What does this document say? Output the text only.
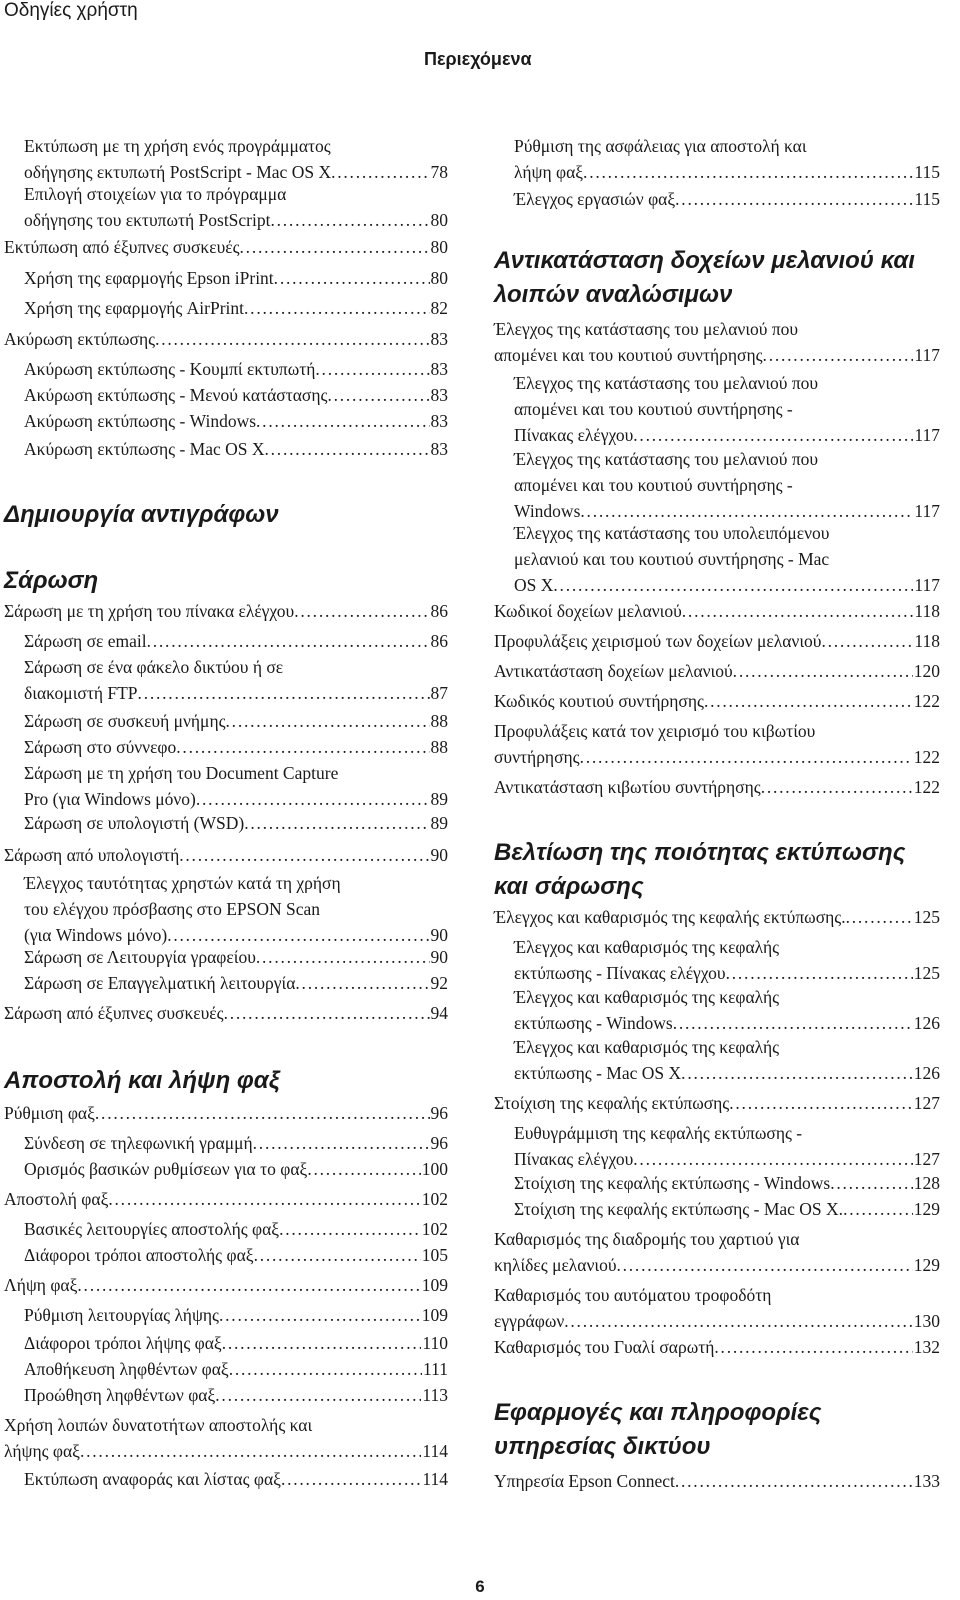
Οδηγίες χρήστη
Περιεχόμενα
Εκτύπωση με τη χρήση ενός προγράμματος
οδήγησης εκτυπωτή PostScript - Mac OS X . . .	78
Επιλογή στοιχείων για το πρόγραμμα
οδήγησης του εκτυπωτή PostScript . . .	80
Εκτύπωση από έξυπνες συσκευές . . .	80
Χρήση της εφαρμογής Epson iPrint . . .	80
Χρήση της εφαρμογής AirPrint . . .	82
Ακύρωση εκτύπωσης . . .	83
Ακύρωση εκτύπωσης - Κουμπί εκτυπωτή . . .	83
Ακύρωση εκτύπωσης - Μενού κατάστασης . . .	83
Ακύρωση εκτύπωσης - Windows . . .	83
Ακύρωση εκτύπωσης - Mac OS X . . .	83
Δημιουργία αντιγράφων
Σάρωση
Σάρωση με τη χρήση του πίνακα ελέγχου . . .	86
Σάρωση σε email . . .	86
Σάρωση σε ένα φάκελο δικτύου ή σε
διακομιστή FTP . . .	87
Σάρωση σε συσκευή μνήμης . . .	88
Σάρωση στο σύννεφο . . .	88
Σάρωση με τη χρήση του Document Capture
Pro (για Windows μόνο) . . .	89
Σάρωση σε υπολογιστή (WSD) . . .	89
Σάρωση από υπολογιστή . . .	90
Έλεγχος ταυτότητας χρηστών κατά τη χρήση
του ελέγχου πρόσβασης στο EPSON Scan
(για Windows μόνο) . . .	90
Σάρωση σε Λειτουργία γραφείου . . .	90
Σάρωση σε Επαγγελματική λειτουργία . . .	92
Σάρωση από έξυπνες συσκευές . . .	94
Αποστολή και λήψη φαξ
Ρύθμιση φαξ . . .	96
Σύνδεση σε τηλεφωνική γραμμή . . .	96
Ορισμός βασικών ρυθμίσεων για το φαξ . . .	100
Αποστολή φαξ . . .	102
Βασικές λειτουργίες αποστολής φαξ . . .	102
Διάφοροι τρόποι αποστολής φαξ . . .	105
Λήψη φαξ . . .	109
Ρύθμιση λειτουργίας λήψης . . .	109
Διάφοροι τρόποι λήψης φαξ . . .	110
Αποθήκευση ληφθέντων φαξ . . .	111
Προώθηση ληφθέντων φαξ . . .	113
Χρήση λοιπών δυνατοτήτων αποστολής και
λήψης φαξ . . .	114
Εκτύπωση αναφοράς και λίστας φαξ . . .	114
Ρύθμιση της ασφάλειας για αποστολή και
λήψη φαξ . . .	115
Έλεγχος εργασιών φαξ . . .	115
Αντικατάσταση δοχείων μελανιού και
λοιπών αναλώσιμων
Έλεγχος της κατάστασης του μελανιού που
απομένει και του κουτιού συντήρησης . . .	117
Έλεγχος της κατάστασης του μελανιού που
απομένει και του κουτιού συντήρησης -
Πίνακας ελέγχου . . .	117
Έλεγχος της κατάστασης του μελανιού που
απομένει και του κουτιού συντήρησης -
Windows . . .	117
Έλεγχος της κατάστασης του υπολειπόμενου
μελανιού και του κουτιού συντήρησης - Mac
OS X . . .	117
Κωδικοί δοχείων μελανιού . . .	118
Προφυλάξεις χειρισμού των δοχείων μελανιού . . .	118
Αντικατάσταση δοχείων μελανιού . . .	120
Κωδικός κουτιού συντήρησης . . .	122
Προφυλάξεις κατά τον χειρισμό του κιβωτίου
συντήρησης . . .	122
Αντικατάσταση κιβωτίου συντήρησης . . .	122
Βελτίωση της ποιότητας εκτύπωσης
και σάρωσης
Έλεγχος και καθαρισμός της κεφαλής εκτύπωσης. . . .	125
Έλεγχος και καθαρισμός της κεφαλής
εκτύπωσης - Πίνακας ελέγχου . . .	125
Έλεγχος και καθαρισμός της κεφαλής
εκτύπωσης - Windows . . .	126
Έλεγχος και καθαρισμός της κεφαλής
εκτύπωσης - Mac OS X . . .	126
Στοίχιση της κεφαλής εκτύπωσης . . .	127
Ευθυγράμμιση της κεφαλής εκτύπωσης -
Πίνακας ελέγχου . . .	127
Στοίχιση της κεφαλής εκτύπωσης - Windows . . .	128
Στοίχιση της κεφαλής εκτύπωσης - Mac OS X. . . .	129
Καθαρισμός της διαδρομής του χαρτιού για
κηλίδες μελανιού . . .	129
Καθαρισμός του αυτόματου τροφοδότη
εγγράφων . . .	130
Καθαρισμός του Γυαλί σαρωτή . . .	132
Εφαρμογές και πληροφορίες
υπηρεσίας δικτύου
Υπηρεσία Epson Connect . . .	133
6
